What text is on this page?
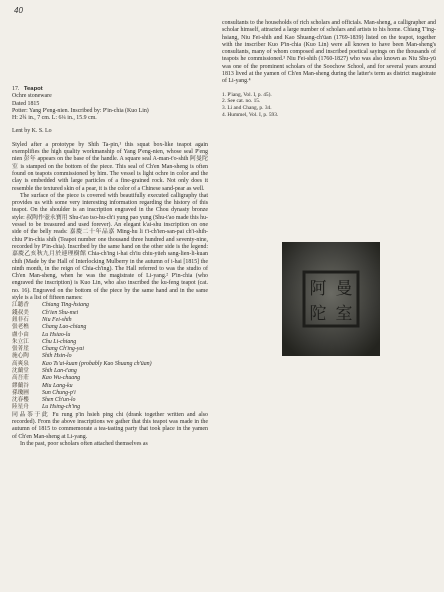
40
17. Teapot
Ochre stoneware
Dated 1815
Potter: Yang P'eng-nien. Inscribed by: P'in-chia (Kuo Lin)
H: 2¾ in., 7 cm. L: 6¼ in., 15.9 cm.
Lent by K. S. Lo

Styled after a prototype by Shih Ta-pin,¹ this squat box-like teapot again exemplifies the high quality workmanship of Yang P'eng-nien, whose seal P'eng nien 彭年 appears on the base of the handle. A square seal A-man-t'o-shih 阿曼陀室 is stamped on the bottom of the piece. This seal of Ch'en Man-sheng is often found on teapots commissioned by him. The vessel is light ochre in color and the clay is embedded with large particles of a fine-grained rock. Not only does it resemble the textured skin of a pear, it is the color of a Chinese sand-pear as well.

The surface of the piece is covered with beautifully executed calligraphy that provides us with some very interesting information regarding the history of this teapot. On the shoulder is an inscription engraved in the Chou dynasty bronze style: 叔陶作壺永寶用 Shu-t'ao tso-hu-ch'i yung pao yung (Shu-t'ao made this hu-vessel to be treasured and used forever). An elegant k'ai-shu inscription on one side of the belly reads: 嘉慶二十年品嘉 Ming-hu li t'i-ch'ien-san-pai ch'i-shih-chiu P'in-chia shih (Teapot number one thousand three hundred and seventy-nine, recorded by P'in-chia). Inscribed by the same hand on the other side is the legend: 嘉慶乙亥秋九月於連理樹館 Chia-ch'ing i-hai ch'iu chiu-yüeh sang-lien-li-kuan chih (Made by the Hall of Interlocking Mulberry in the autumn of i-hai [1815] the ninth month, in the reign of Chia-ch'ing). The Hall referred to was the studio of Ch'en Man-sheng, when he was the magistrate of Li-yang.² P'in-chia (who engraved the inscription) is Kuo Lin, who also inscribed the ku-feng teapot (cat. no. 16). Engraved on the bottom of the piece by the same hand and in the same style is a list of fifteen names:

江聽香 Chiang Ting-hsiang
錢叔美 Ch'ien Shu-mei
鈕非石 Niu Fei-shih
張老樵 Chang Lao-chiang
盧小由 Lu Hsiao-lu
朱立江 Chu Li-chiang
張菁崖 Chang Ch'ing-yai
施心陶 Shih Hsin-lo
高爽泉 Kao Ts'ai-kuan (probably Kao Shuang ch'üan)
沈蘭堂 Shih Lan-t'ang
高吾莊 Kao Wu-chuang
繆蘭谷 Miu Lang-ku
孫瓊圃 Sun Chung-p'i
沈春樓 Shen Ch'un-lo
陸星舟 Lu Hsing-ch'ing

同品茶于此 Fu rung p'in hsieh ping chi (drank together written and also recorded). From the above inscriptions we gather that this teapot was made in the autumn of 1815 to commemorate a tea-tasting party that took place in the yamen of Ch'en Man-sheng at Li-yang.

In the past, poor scholars often attached themselves as

consultants to the households of rich scholars and officials. Man-sheng, a calligrapher and scholar himself, attracted a large number of scholars and artists to his home. Chiang T'ing-hsiang, Niu Fei-shih and Kao Shuang-ch'üan (1769-1839) listed on the teapot, together with the inscriber Kuo P'in-chia (Kuo Lin) were all known to have been Man-sheng's consultants, many of whom composed and inscribed poetical sayings on the thousands of teapots he commissioned.³ Niu Fei-shih (1760-1827) who was also known as Niu Shu-yü was one of the prominent scholars of the Soochow School, and for several years around 1813 lived at the yamen of Ch'en Man-sheng during the latter's term as district magistrate of Li-yang.⁴

1. P'iang, Vol. I, p. 45).
2. See cat. no. 15.
3. Li and Chang, p. 34.
4. Hummel, Vol. I, p. 593.
阿 曼
陀 室
